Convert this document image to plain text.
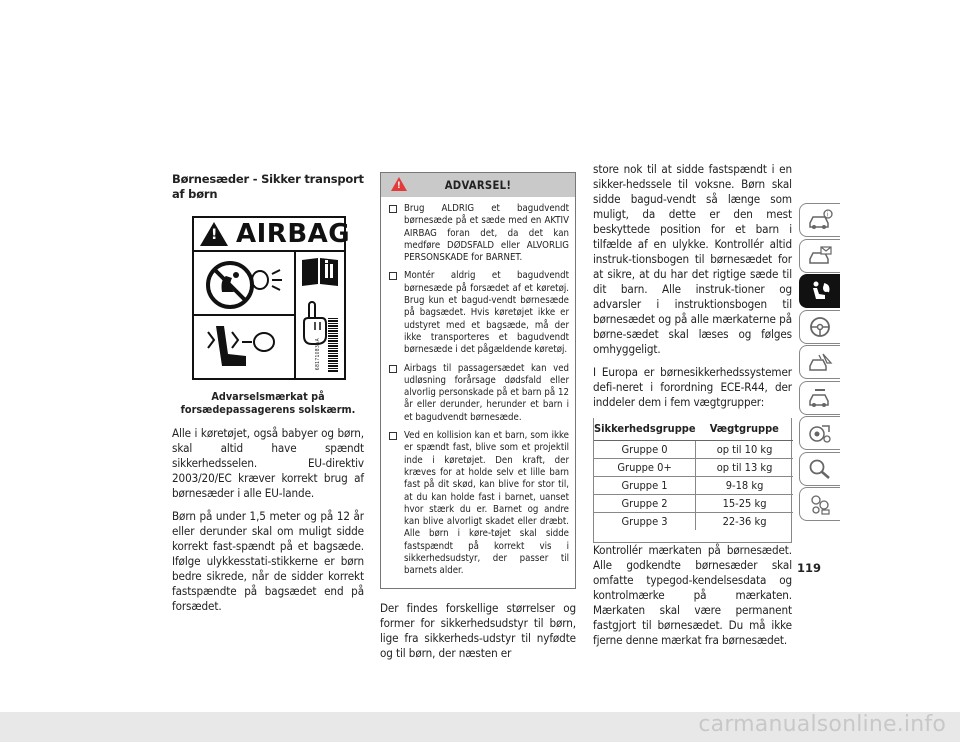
Børnesæder - Sikker transport af børn
! AIRBAG
68171083AA
Advarselsmærkat på forsædepassagerens solskærm.

Alle i køretøjet, også babyer og børn, skal altid have spændt sikkerhedsselen. EU-direktiv 2003/20/EC kræver korrekt brug af børnesæder i alle EU-lande.

Børn på under 1,5 meter og på 12 år eller derunder skal om muligt sidde korrekt fast-spændt på et bagsæde. Ifølge ulykkesstati-stikkerne er børn bedre sikrede, når de sidder korrekt fastspændte på bagsædet end på forsædet.

!
ADVARSEL!
Brug ALDRIG et bagudvendt børnesæde på et sæde med en AKTIV AIRBAG foran det, da det kan medføre DØDSFALD eller ALVORLIG PERSONSKADE for BARNET.
Montér aldrig et bagudvendt børnesæde på forsædet af et køretøj. Brug kun et bagud-vendt børnesæde på bagsædet. Hvis køretøjet ikke er udstyret med et bagsæde, må der ikke transporteres et bagudvendt børnesæde i det pågældende køretøj.
Airbags til passagersædet kan ved udløsning forårsage dødsfald eller alvorlig personskade på et barn på 12 år eller derunder, herunder et barn i et bagudvendt børnesæde.
Ved en kollision kan et barn, som ikke er spændt fast, blive som et projektil inde i køretøjet. Den kraft, der kræves for at holde selv et lille barn fast på dit skød, kan blive for stor til, at du kan holde fast i barnet, uanset hvor stærk du er. Barnet og andre kan blive alvorligt skadet eller dræbt. Alle børn i køre-tøjet skal sidde fastspændt på korrekt vis i sikkerhedsudstyr, der passer til barnets alder.

Der findes forskellige størrelser og former for sikkerhedsudstyr til børn, lige fra sikkerheds-udstyr til nyfødte og til børn, der næsten er

store nok til at sidde fastspændt i en sikker-hedssele til voksne. Børn skal sidde bagud-vendt så længe som muligt, da dette er den mest beskyttede position for et barn i tilfælde af en ulykke. Kontrollér altid instruk-tionsbogen til børnesædet for at sikre, at du har det rigtige sæde til dit barn. Alle instruk-tioner og advarsler i instruktionsbogen til børnesædet og på alle mærkaterne på børne-sædet skal læses og følges omhyggeligt.

I Europa er børnesikkerhedssystemer defi-neret i forordning ECE-R44, der inddeler dem i fem vægtgrupper:

Sikkerhedsgruppe	Vægtgruppe
Gruppe 0	op til 10 kg
Gruppe 0+	op til 13 kg
Gruppe 1	9-18 kg
Gruppe 2	15-25 kg
Gruppe 3	22-36 kg

Kontrollér mærkaten på børnesædet. Alle godkendte børnesæder skal omfatte typegod-kendelsesdata og kontrolmærke på mærkaten. Mærkaten skal være permanent fastgjort til børnesædet. Du må ikke fjerne denne mærkat fra børnesædet.

i
119
carmanualsonline.info
